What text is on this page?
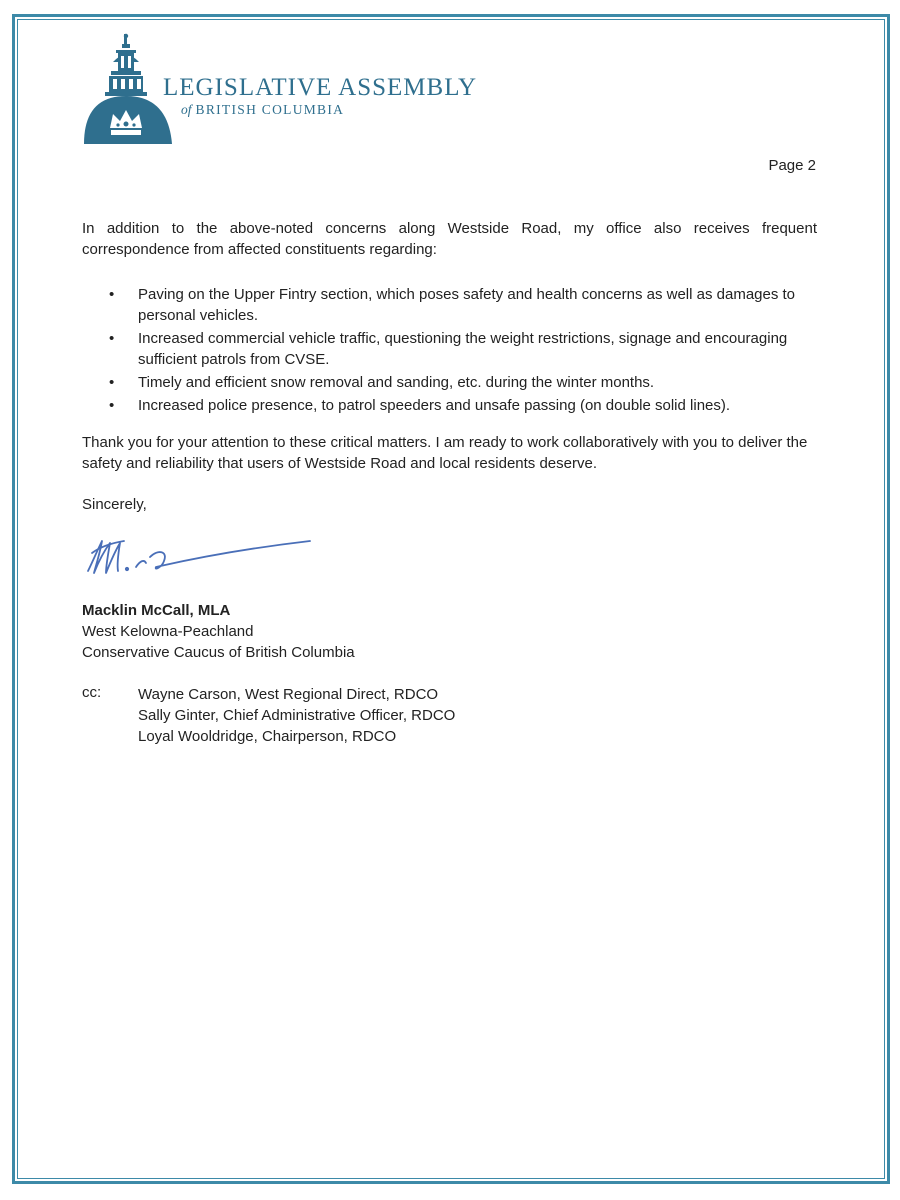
LEGISLATIVE ASSEMBLY
of BRITISH COLUMBIA
Page 2
In addition to the above-noted concerns along Westside Road, my office also receives frequent correspondence from affected constituents regarding:
• Paving on the Upper Fintry section, which poses safety and health concerns as well as damages to personal vehicles.
• Increased commercial vehicle traffic, questioning the weight restrictions, signage and encouraging sufficient patrols from CVSE.
• Timely and efficient snow removal and sanding, etc. during the winter months.
• Increased police presence, to patrol speeders and unsafe passing (on double solid lines).
Thank you for your attention to these critical matters. I am ready to work collaboratively with you to deliver the safety and reliability that users of Westside Road and local residents deserve.
Sincerely,
Macklin McCall, MLA
West Kelowna-Peachland
Conservative Caucus of British Columbia
cc: Wayne Carson, West Regional Direct, RDCO
Sally Ginter, Chief Administrative Officer, RDCO
Loyal Wooldridge, Chairperson, RDCO
